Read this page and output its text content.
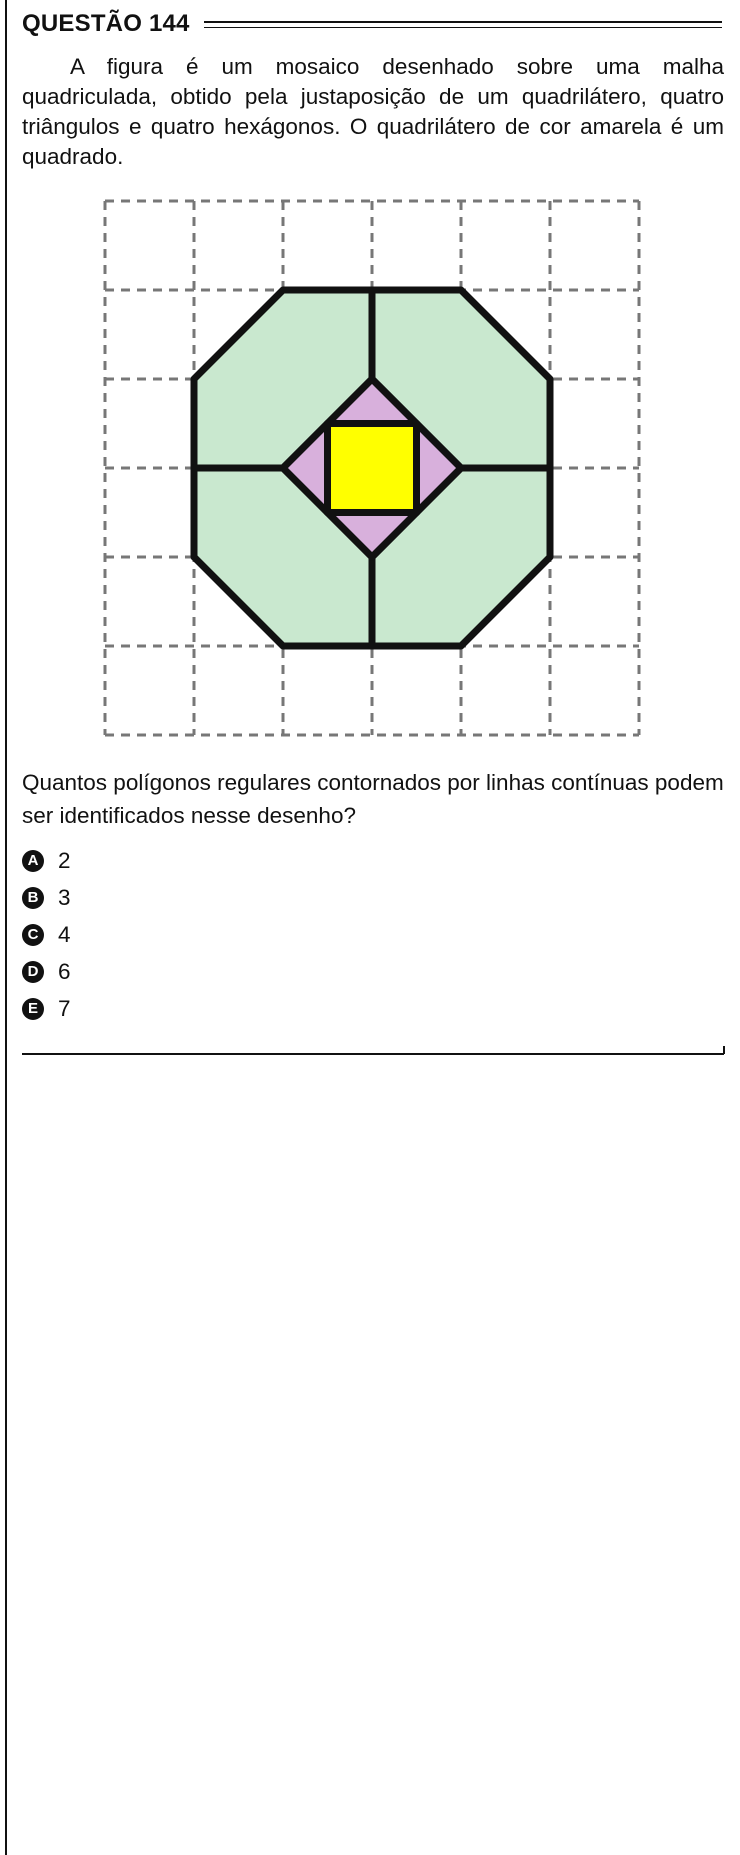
QUESTÃO 144
A figura é um mosaico desenhado sobre uma malha quadriculada, obtido pela justaposição de um quadrilátero, quatro triângulos e quatro hexágonos. O quadrilátero de cor amarela é um quadrado.
Quantos polígonos regulares contornados por linhas contínuas podem ser identificados nesse desenho?
A 2
B 3
C 4
D 6
E 7
